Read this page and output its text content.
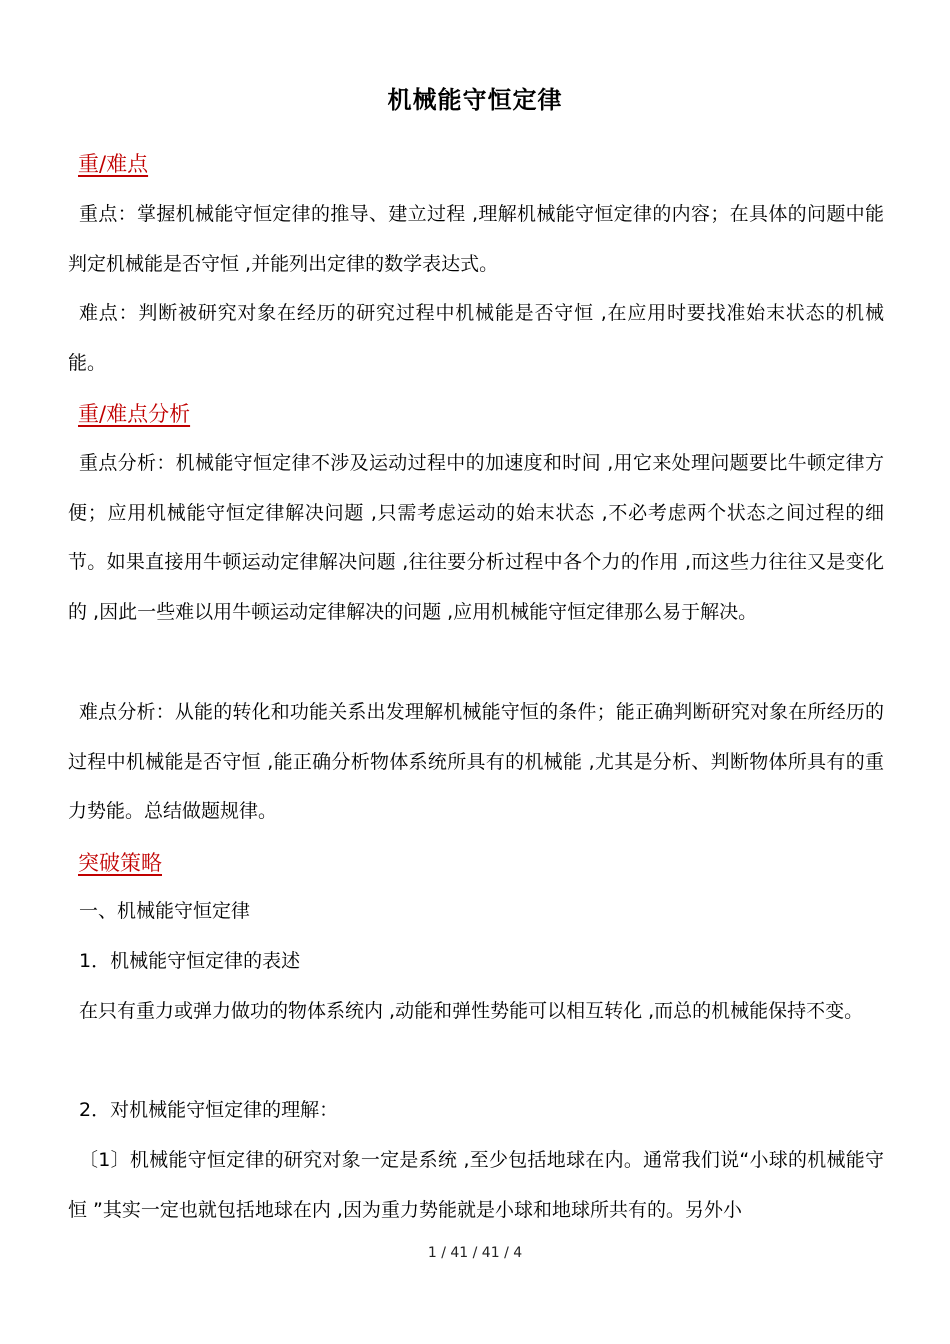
机械能守恒定律
重/难点
重点：掌握机械能守恒定律的推导、建立过程 ,理解机械能守恒定律的内容；在具体的问题中能判定机械能是否守恒 ,并能列出定律的数学表达式。
难点：判断被研究对象在经历的研究过程中机械能是否守恒 ,在应用时要找准始末状态的机械能。
重/难点分析
重点分析：机械能守恒定律不涉及运动过程中的加速度和时间 ,用它来处理问题要比牛顿定律方便；应用机械能守恒定律解决问题 ,只需考虑运动的始末状态 ,不必考虑两个状态之间过程的细节。如果直接用牛顿运动定律解决问题 ,往往要分析过程中各个力的作用 ,而这些力往往又是变化的 ,因此一些难以用牛顿运动定律解决的问题 ,应用机械能守恒定律那么易于解决。
难点分析：从能的转化和功能关系出发理解机械能守恒的条件；能正确判断研究对象在所经历的过程中机械能是否守恒 ,能正确分析物体系统所具有的机械能 ,尤其是分析、判断物体所具有的重力势能。总结做题规律。
突破策略
一、机械能守恒定律
1．机械能守恒定律的表述
在只有重力或弹力做功的物体系统内 ,动能和弹性势能可以相互转化 ,而总的机械能保持不变。
2．对机械能守恒定律的理解：
〔1〕机械能守恒定律的研究对象一定是系统 ,至少包括地球在内。通常我们说“小球的机械能守恒 ”其实一定也就包括地球在内 ,因为重力势能就是小球和地球所共有的。另外小
1 / 41 / 41 / 4
